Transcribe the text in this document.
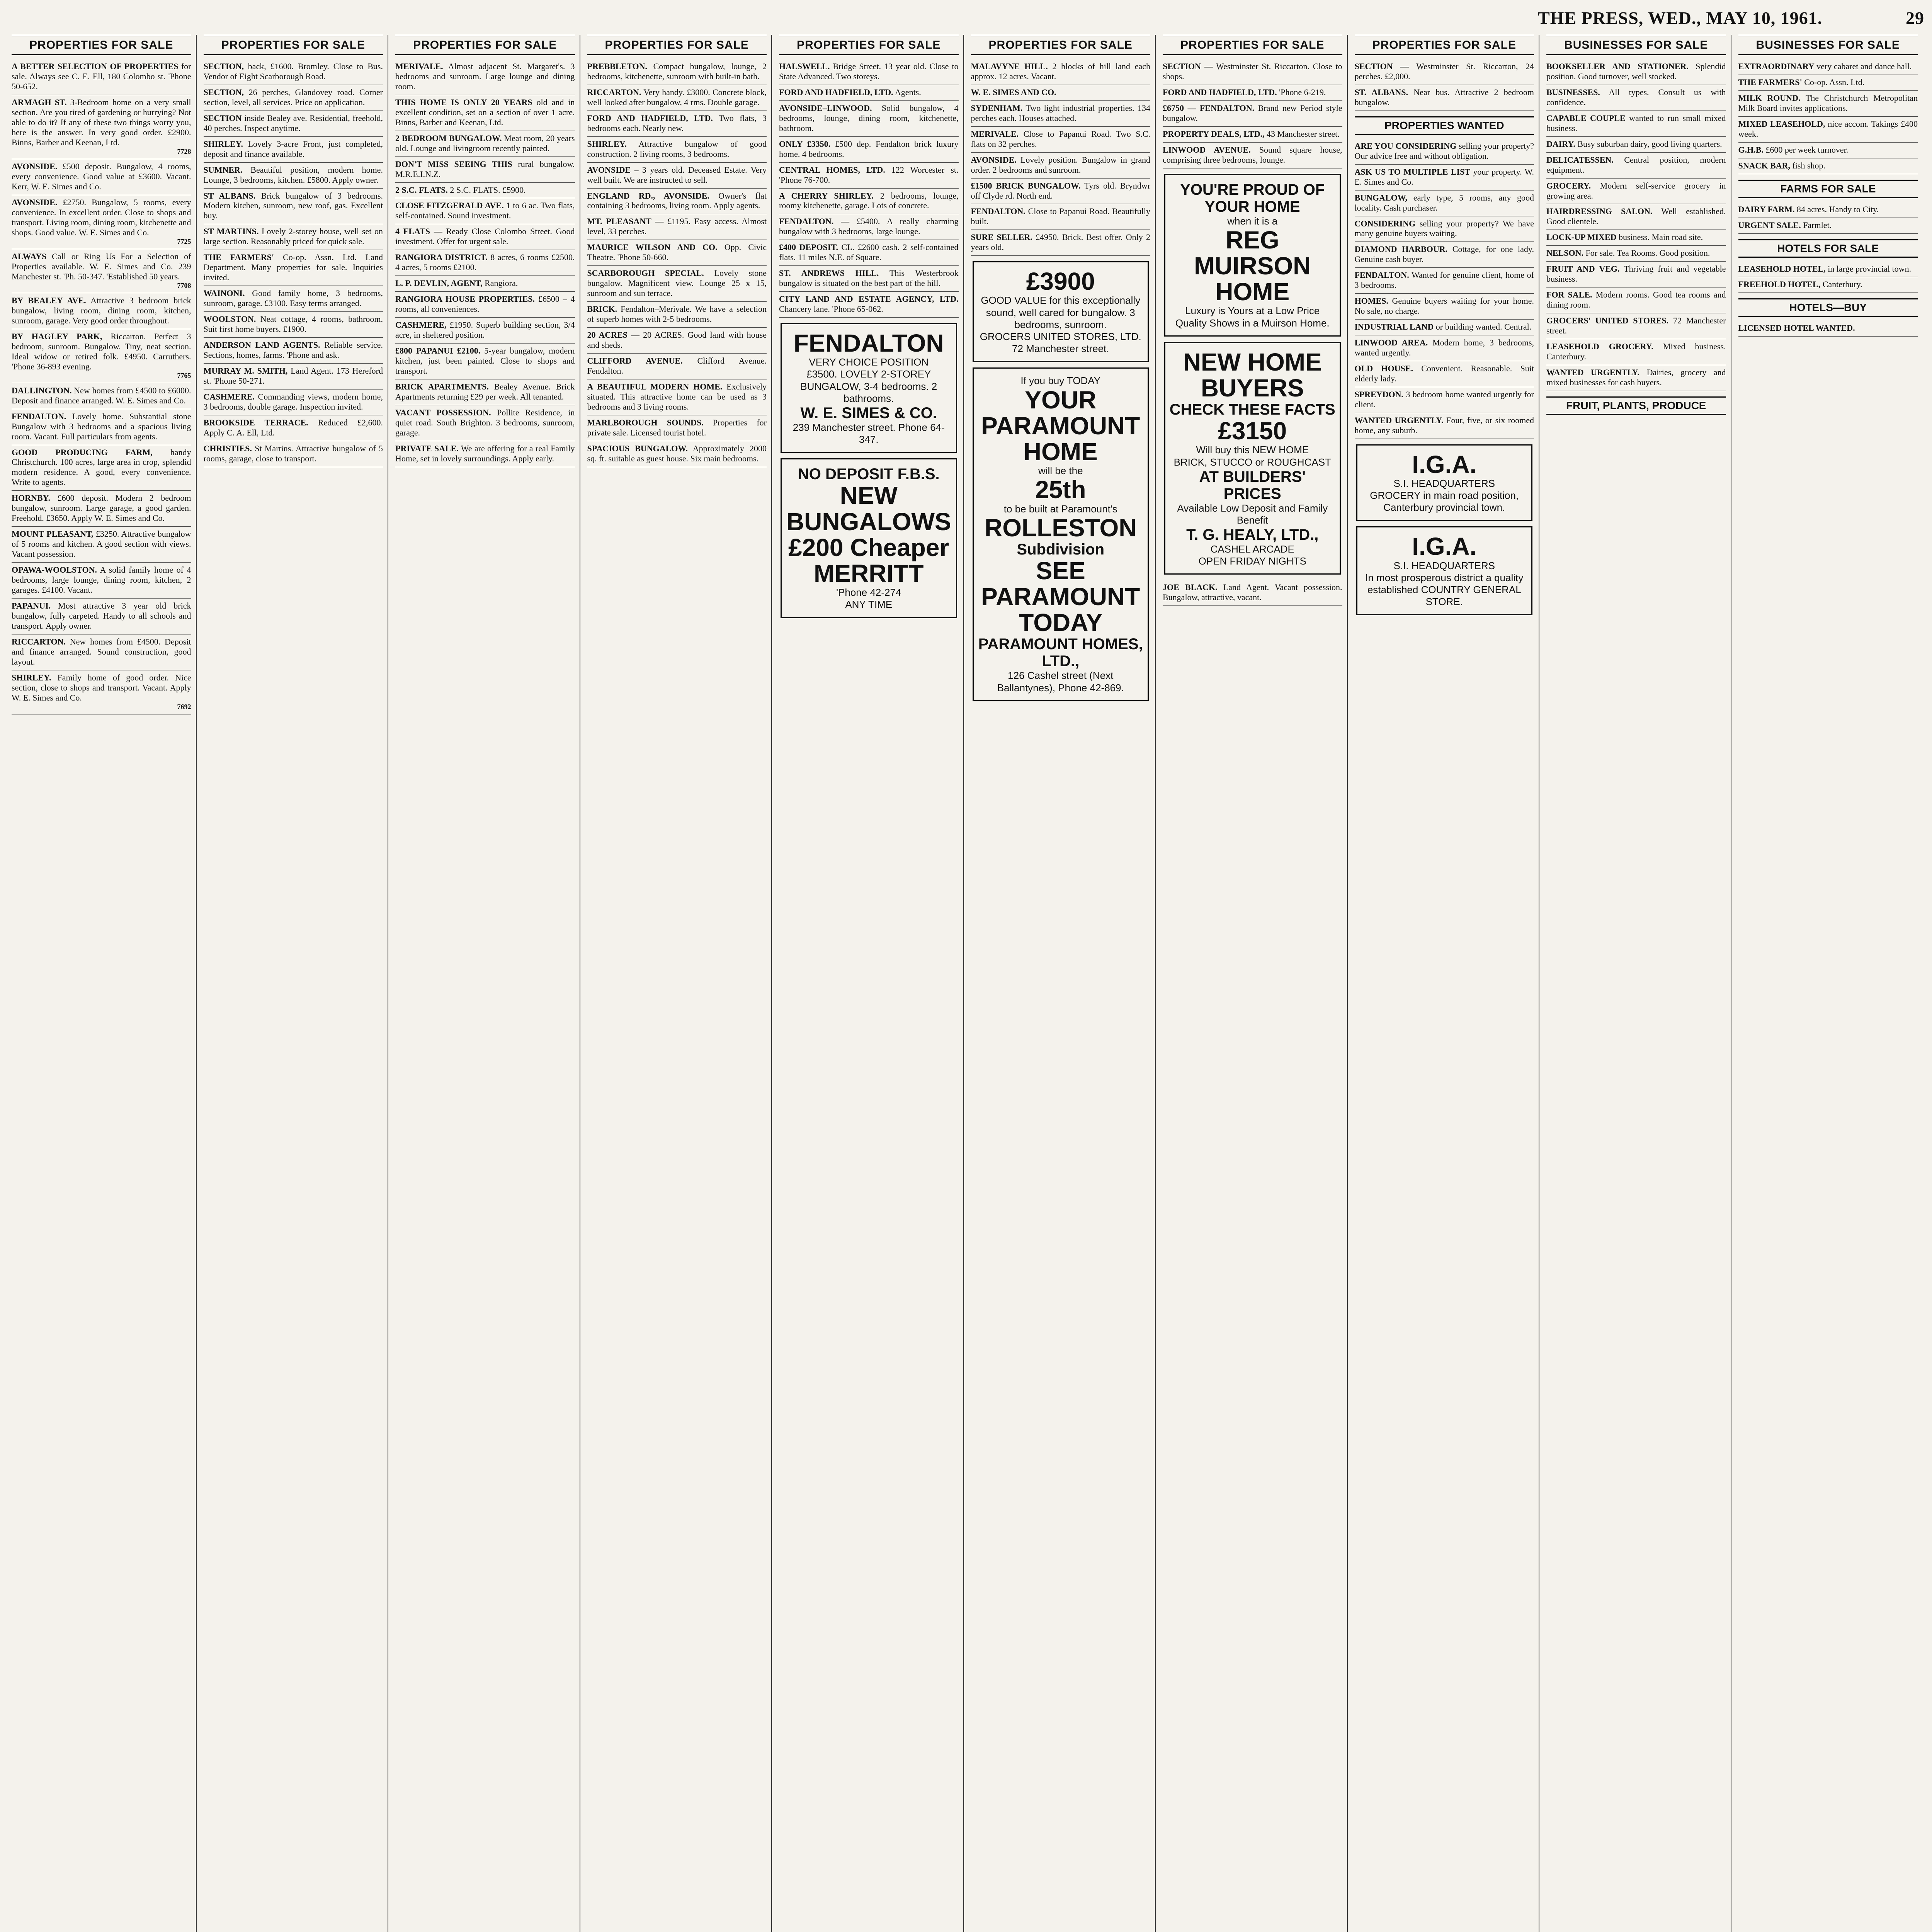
THE PRESS, WED., MAY 10, 1961.	29
PROPERTIES FOR SALE
A BETTER SELECTION OF PROPERTIES for sale. Always see C. E. Ell, 180 Colombo st. 'Phone 50-652.
ARMAGH ST. 3-Bedroom home on a very small section. Are you tired of gardening or hurrying? Not able to do it? If any of these two things worry you, here is the answer. In very good order. £2900. Binns, Barber and Keenan, Ltd.
7728
AVONSIDE. £500 deposit. Bungalow, 4 rooms, every convenience. Good value at £3600. Vacant. Kerr, W. E. Simes and Co.
AVONSIDE. £2750. Bungalow, 5 rooms, every convenience. In excellent order. Close to shops and transport. Living room, dining room, kitchenette and shops. Good value. W. E. Simes and Co.
7725
ALWAYS Call or Ring Us For a Selection of Properties available. W. E. Simes and Co. 239 Manchester st. 'Ph. 50-347. 'Established 50 years.
7708
BY BEALEY AVE. Attractive 3 bedroom brick bungalow, living room, dining room, kitchen, sunroom, garage. Very good order throughout.
BY HAGLEY PARK, Riccarton. Perfect 3 bedroom, sunroom. Bungalow. Tiny, neat section. Ideal widow or retired folk. £4950. Carruthers. 'Phone 36-893 evening.
7765
DALLINGTON. New homes from £4500 to £6000. Deposit and finance arranged. W. E. Simes and Co.
FENDALTON. Lovely home. Substantial stone Bungalow with 3 bedrooms and a spacious living room. Vacant. Full particulars from agents.
GOOD PRODUCING FARM, handy Christchurch. 100 acres, large area in crop, splendid modern residence. A good, every convenience. Write to agents.
HORNBY. £600 deposit. Modern 2 bedroom bungalow, sunroom. Large garage, a good garden. Freehold. £3650. Apply W. E. Simes and Co.
MOUNT PLEASANT, £3250. Attractive bungalow of 5 rooms and kitchen. A good section with views. Vacant possession.
OPAWA-WOOLSTON. A solid family home of 4 bedrooms, large lounge, dining room, kitchen, 2 garages. £4100. Vacant.
PAPANUI. Most attractive 3 year old brick bungalow, fully carpeted. Handy to all schools and transport. Apply owner.
RICCARTON. New homes from £4500. Deposit and finance arranged. Sound construction, good layout.
SHIRLEY. Family home of good order. Nice section, close to shops and transport. Vacant. Apply W. E. Simes and Co.
7692
PROPERTIES FOR SALE
SECTION, back, £1600. Bromley. Close to Bus. Vendor of Eight Scarborough Road.
SECTION, 26 perches, Glandovey road. Corner section, level, all services. Price on application.
SECTION inside Bealey ave. Residential, freehold, 40 perches. Inspect anytime.
SHIRLEY. Lovely 3-acre Front, just completed, deposit and finance available.
SUMNER. Beautiful position, modern home. Lounge, 3 bedrooms, kitchen. £5800. Apply owner.
ST ALBANS. Brick bungalow of 3 bedrooms. Modern kitchen, sunroom, new roof, gas. Excellent buy.
ST MARTINS. Lovely 2-storey house, well set on large section. Reasonably priced for quick sale.
THE FARMERS' Co-op. Assn. Ltd. Land Department. Many properties for sale. Inquiries invited.
WAINONI. Good family home, 3 bedrooms, sunroom, garage. £3100. Easy terms arranged.
WOOLSTON. Neat cottage, 4 rooms, bathroom. Suit first home buyers. £1900.
ANDERSON LAND AGENTS. Reliable service. Sections, homes, farms. 'Phone and ask.
MURRAY M. SMITH, Land Agent. 173 Hereford st. 'Phone 50-271.
CASHMERE. Commanding views, modern home, 3 bedrooms, double garage. Inspection invited.
BROOKSIDE TERRACE. Reduced £2,600. Apply C. A. Ell, Ltd.
CHRISTIES. St Martins. Attractive bungalow of 5 rooms, garage, close to transport.
PROPERTIES FOR SALE
MERIVALE. Almost adjacent St. Margaret's. 3 bedrooms and sunroom. Large lounge and dining room.
THIS HOME IS ONLY 20 YEARS old and in excellent condition, set on a section of over 1 acre. Binns, Barber and Keenan, Ltd.
2 BEDROOM BUNGALOW. Meat room, 20 years old. Lounge and livingroom recently painted.
DON'T MISS SEEING THIS rural bungalow. M.R.E.I.N.Z.
2 S.C. FLATS. 2 S.C. FLATS. £5900.
CLOSE FITZGERALD AVE. 1 to 6 ac. Two flats, self-contained. Sound investment.
4 FLATS — Ready Close Colombo Street. Good investment. Offer for urgent sale.
RANGIORA DISTRICT. 8 acres, 6 rooms £2500. 4 acres, 5 rooms £2100.
L. P. DEVLIN, AGENT, Rangiora.
RANGIORA HOUSE PROPERTIES. £6500 – 4 rooms, all conveniences.
CASHMERE, £1950. Superb building section, 3/4 acre, in sheltered position.
£800 PAPANUI £2100. 5-year bungalow, modern kitchen, just been painted. Close to shops and transport.
BRICK APARTMENTS. Bealey Avenue. Brick Apartments returning £29 per week. All tenanted.
VACANT POSSESSION. Pollite Residence, in quiet road. South Brighton. 3 bedrooms, sunroom, garage.
PRIVATE SALE. We are offering for a real Family Home, set in lovely surroundings. Apply early.
PROPERTIES FOR SALE
PREBBLETON. Compact bungalow, lounge, 2 bedrooms, kitchenette, sunroom with built-in bath.
RICCARTON. Very handy. £3000. Concrete block, well looked after bungalow, 4 rms. Double garage.
FORD AND HADFIELD, LTD. Two flats, 3 bedrooms each. Nearly new.
SHIRLEY. Attractive bungalow of good construction. 2 living rooms, 3 bedrooms.
AVONSIDE – 3 years old. Deceased Estate. Very well built. We are instructed to sell.
ENGLAND RD., AVONSIDE. Owner's flat containing 3 bedrooms, living room. Apply agents.
MT. PLEASANT — £1195. Easy access. Almost level, 33 perches.
MAURICE WILSON AND CO. Opp. Civic Theatre. 'Phone 50-660.
SCARBOROUGH SPECIAL. Lovely stone bungalow. Magnificent view. Lounge 25 x 15, sunroom and sun terrace.
BRICK. Fendalton–Merivale. We have a selection of superb homes with 2-5 bedrooms.
20 ACRES — 20 ACRES. Good land with house and sheds.
CLIFFORD AVENUE. Clifford Avenue. Fendalton.
A BEAUTIFUL MODERN HOME. Exclusively situated. This attractive home can be used as 3 bedrooms and 3 living rooms.
MARLBOROUGH SOUNDS. Properties for private sale. Licensed tourist hotel.
SPACIOUS BUNGALOW. Approximately 2000 sq. ft. suitable as guest house. Six main bedrooms.
PROPERTIES FOR SALE
HALSWELL. Bridge Street. 13 year old. Close to State Advanced. Two storeys.
FORD AND HADFIELD, LTD. Agents.
AVONSIDE–LINWOOD. Solid bungalow, 4 bedrooms, lounge, dining room, kitchenette, bathroom.
ONLY £3350. £500 dep. Fendalton brick luxury home. 4 bedrooms.
CENTRAL HOMES, LTD. 122 Worcester st. 'Phone 76-700.
A CHERRY SHIRLEY. 2 bedrooms, lounge, roomy kitchenette, garage. Lots of concrete.
FENDALTON. — £5400. A really charming bungalow with 3 bedrooms, large lounge.
£400 DEPOSIT. CL. £2600 cash. 2 self-contained flats. 11 miles N.E. of Square.
ST. ANDREWS HILL. This Westerbrook bungalow is situated on the best part of the hill.
CITY LAND AND ESTATE AGENCY, LTD. Chancery lane. 'Phone 65-062.
FENDALTON
VERY CHOICE POSITION
£3500. LOVELY 2-STOREY BUNGALOW, 3-4 bedrooms. 2 bathrooms.
W. E. SIMES & CO.
239 Manchester street. Phone 64-347.
NO DEPOSIT F.B.S.
NEW
BUNGALOWS
£200 Cheaper
MERRITT
'Phone 42-274
ANY TIME
PROPERTIES FOR SALE
MALAVYNE HILL. 2 blocks of hill land each approx. 12 acres. Vacant.
W. E. SIMES AND CO.
SYDENHAM. Two light industrial properties. 134 perches each. Houses attached.
MERIVALE. Close to Papanui Road. Two S.C. flats on 32 perches.
AVONSIDE. Lovely position. Bungalow in grand order. 2 bedrooms and sunroom.
£1500 BRICK BUNGALOW. Tyrs old. Bryndwr off Clyde rd. North end.
FENDALTON. Close to Papanui Road. Beautifully built.
SURE SELLER. £4950. Brick. Best offer. Only 2 years old.
£3900
GOOD VALUE for this exceptionally sound, well cared for bungalow. 3 bedrooms, sunroom.
GROCERS UNITED STORES, LTD.
72 Manchester street.
If you buy TODAY
YOUR
PARAMOUNT
HOME
will be the
25th
to be built at Paramount's
ROLLESTON
Subdivision
SEE PARAMOUNT TODAY
PARAMOUNT HOMES, LTD.,
126 Cashel street (Next Ballantynes), Phone 42-869.
PROPERTIES FOR SALE
SECTION — Westminster St. Riccarton. Close to shops.
FORD AND HADFIELD, LTD. 'Phone 6-219.
£6750 — FENDALTON. Brand new Period style bungalow.
PROPERTY DEALS, LTD., 43 Manchester street.
LINWOOD AVENUE. Sound square house, comprising three bedrooms, lounge.
YOU'RE PROUD OF YOUR HOME
when it is a
REG MUIRSON
HOME
Luxury is Yours at a Low Price
Quality Shows in a Muirson Home.
NEW HOME
BUYERS
CHECK THESE FACTS
£3150
Will buy this NEW HOME
BRICK, STUCCO or ROUGHCAST
AT BUILDERS' PRICES
Available Low Deposit and Family Benefit
T. G. HEALY, LTD.,
CASHEL ARCADE
OPEN FRIDAY NIGHTS
JOE BLACK. Land Agent. Vacant possession. Bungalow, attractive, vacant.
PROPERTIES FOR SALE
SECTION — Westminster St. Riccarton, 24 perches. £2,000.
ST. ALBANS. Near bus. Attractive 2 bedroom bungalow.
PROPERTIES WANTED
ARE YOU CONSIDERING selling your property? Our advice free and without obligation.
ASK US TO MULTIPLE LIST your property. W. E. Simes and Co.
BUNGALOW, early type, 5 rooms, any good locality. Cash purchaser.
CONSIDERING selling your property? We have many genuine buyers waiting.
DIAMOND HARBOUR. Cottage, for one lady. Genuine cash buyer.
FENDALTON. Wanted for genuine client, home of 3 bedrooms.
HOMES. Genuine buyers waiting for your home. No sale, no charge.
INDUSTRIAL LAND or building wanted. Central.
LINWOOD AREA. Modern home, 3 bedrooms, wanted urgently.
OLD HOUSE. Convenient. Reasonable. Suit elderly lady.
SPREYDON. 3 bedroom home wanted urgently for client.
WANTED URGENTLY. Four, five, or six roomed home, any suburb.
I.G.A.
S.I. HEADQUARTERS
GROCERY in main road position, Canterbury provincial town.
I.G.A.
S.I. HEADQUARTERS
In most prosperous district a quality established COUNTRY GENERAL STORE.
BUSINESSES FOR SALE
BOOKSELLER AND STATIONER. Splendid position. Good turnover, well stocked.
BUSINESSES. All types. Consult us with confidence.
CAPABLE COUPLE wanted to run small mixed business.
DAIRY. Busy suburban dairy, good living quarters.
DELICATESSEN. Central position, modern equipment.
GROCERY. Modern self-service grocery in growing area.
HAIRDRESSING SALON. Well established. Good clientele.
LOCK-UP MIXED business. Main road site.
NELSON. For sale. Tea Rooms. Good position.
FRUIT AND VEG. Thriving fruit and vegetable business.
FOR SALE. Modern rooms. Good tea rooms and dining room.
GROCERS' UNITED STORES. 72 Manchester street.
LEASEHOLD GROCERY. Mixed business. Canterbury.
WANTED URGENTLY. Dairies, grocery and mixed businesses for cash buyers.
FRUIT, PLANTS, PRODUCE
BUSINESSES FOR SALE
EXTRAORDINARY very cabaret and dance hall.
THE FARMERS' Co-op. Assn. Ltd.
MILK ROUND. The Christchurch Metropolitan Milk Board invites applications.
MIXED LEASEHOLD, nice accom. Takings £400 week.
G.H.B. £600 per week turnover.
SNACK BAR, fish shop.
FARMS FOR SALE
DAIRY FARM. 84 acres. Handy to City.
URGENT SALE. Farmlet.
HOTELS FOR SALE
LEASEHOLD HOTEL, in large provincial town.
FREEHOLD HOTEL, Canterbury.
HOTELS—BUY
LICENSED HOTEL WANTED.
